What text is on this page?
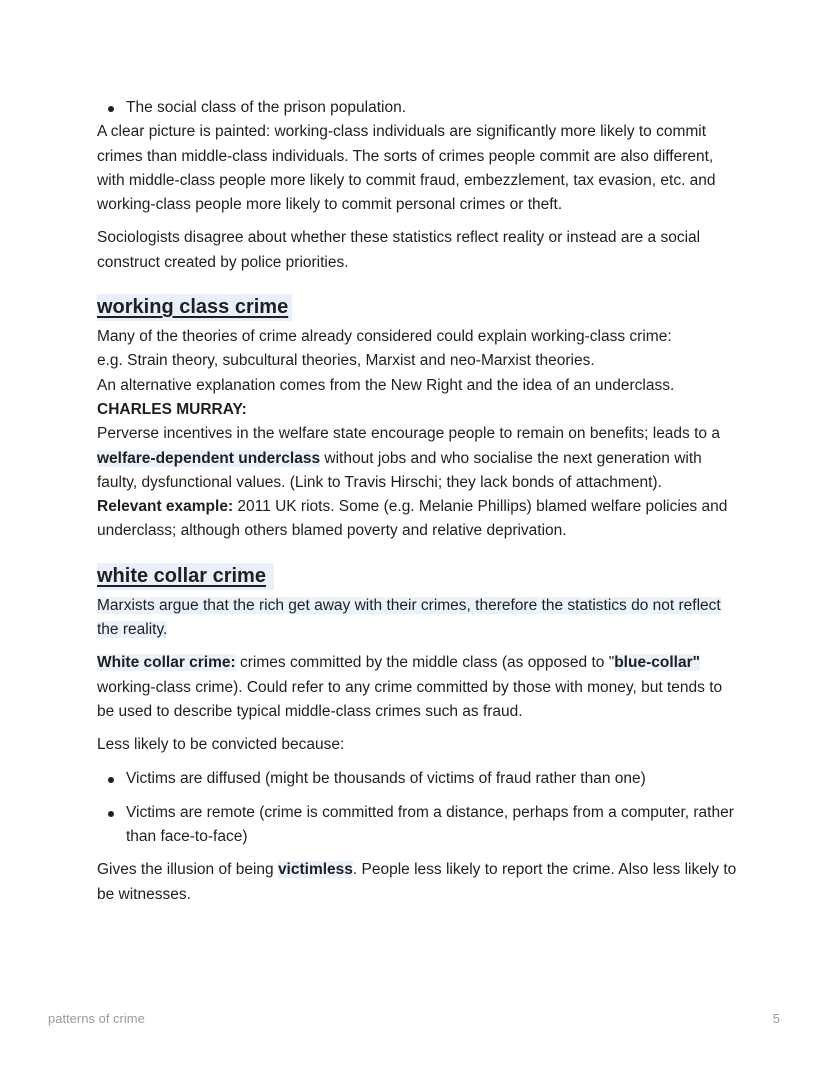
The social class of the prison population.

A clear picture is painted: working-class individuals are significantly more likely to commit crimes than middle-class individuals. The sorts of crimes people commit are also different, with middle-class people more likely to commit fraud, embezzlement, tax evasion, etc. and working-class people more likely to commit personal crimes or theft.

Sociologists disagree about whether these statistics reflect reality or instead are a social construct created by police priorities.

working class crime

Many of the theories of crime already considered could explain working-class crime:

e.g. Strain theory, subcultural theories, Marxist and neo-Marxist theories.

An alternative explanation comes from the New Right and the idea of an underclass.

CHARLES MURRAY:

Perverse incentives in the welfare state encourage people to remain on benefits; leads to a welfare-dependent underclass without jobs and who socialise the next generation with faulty, dysfunctional values. (Link to Travis Hirschi; they lack bonds of attachment).

Relevant example: 2011 UK riots. Some (e.g. Melanie Phillips) blamed welfare policies and underclass; although others blamed poverty and relative deprivation.

white collar crime

Marxists argue that the rich get away with their crimes, therefore the statistics do not reflect the reality.

White collar crime: crimes committed by the middle class (as opposed to "blue-collar" working-class crime). Could refer to any crime committed by those with money, but tends to be used to describe typical middle-class crimes such as fraud.

Less likely to be convicted because:

Victims are diffused (might be thousands of victims of fraud rather than one)
Victims are remote (crime is committed from a distance, perhaps from a computer, rather than face-to-face)

Gives the illusion of being victimless. People less likely to report the crime. Also less likely to be witnesses.

patterns of crime	5
